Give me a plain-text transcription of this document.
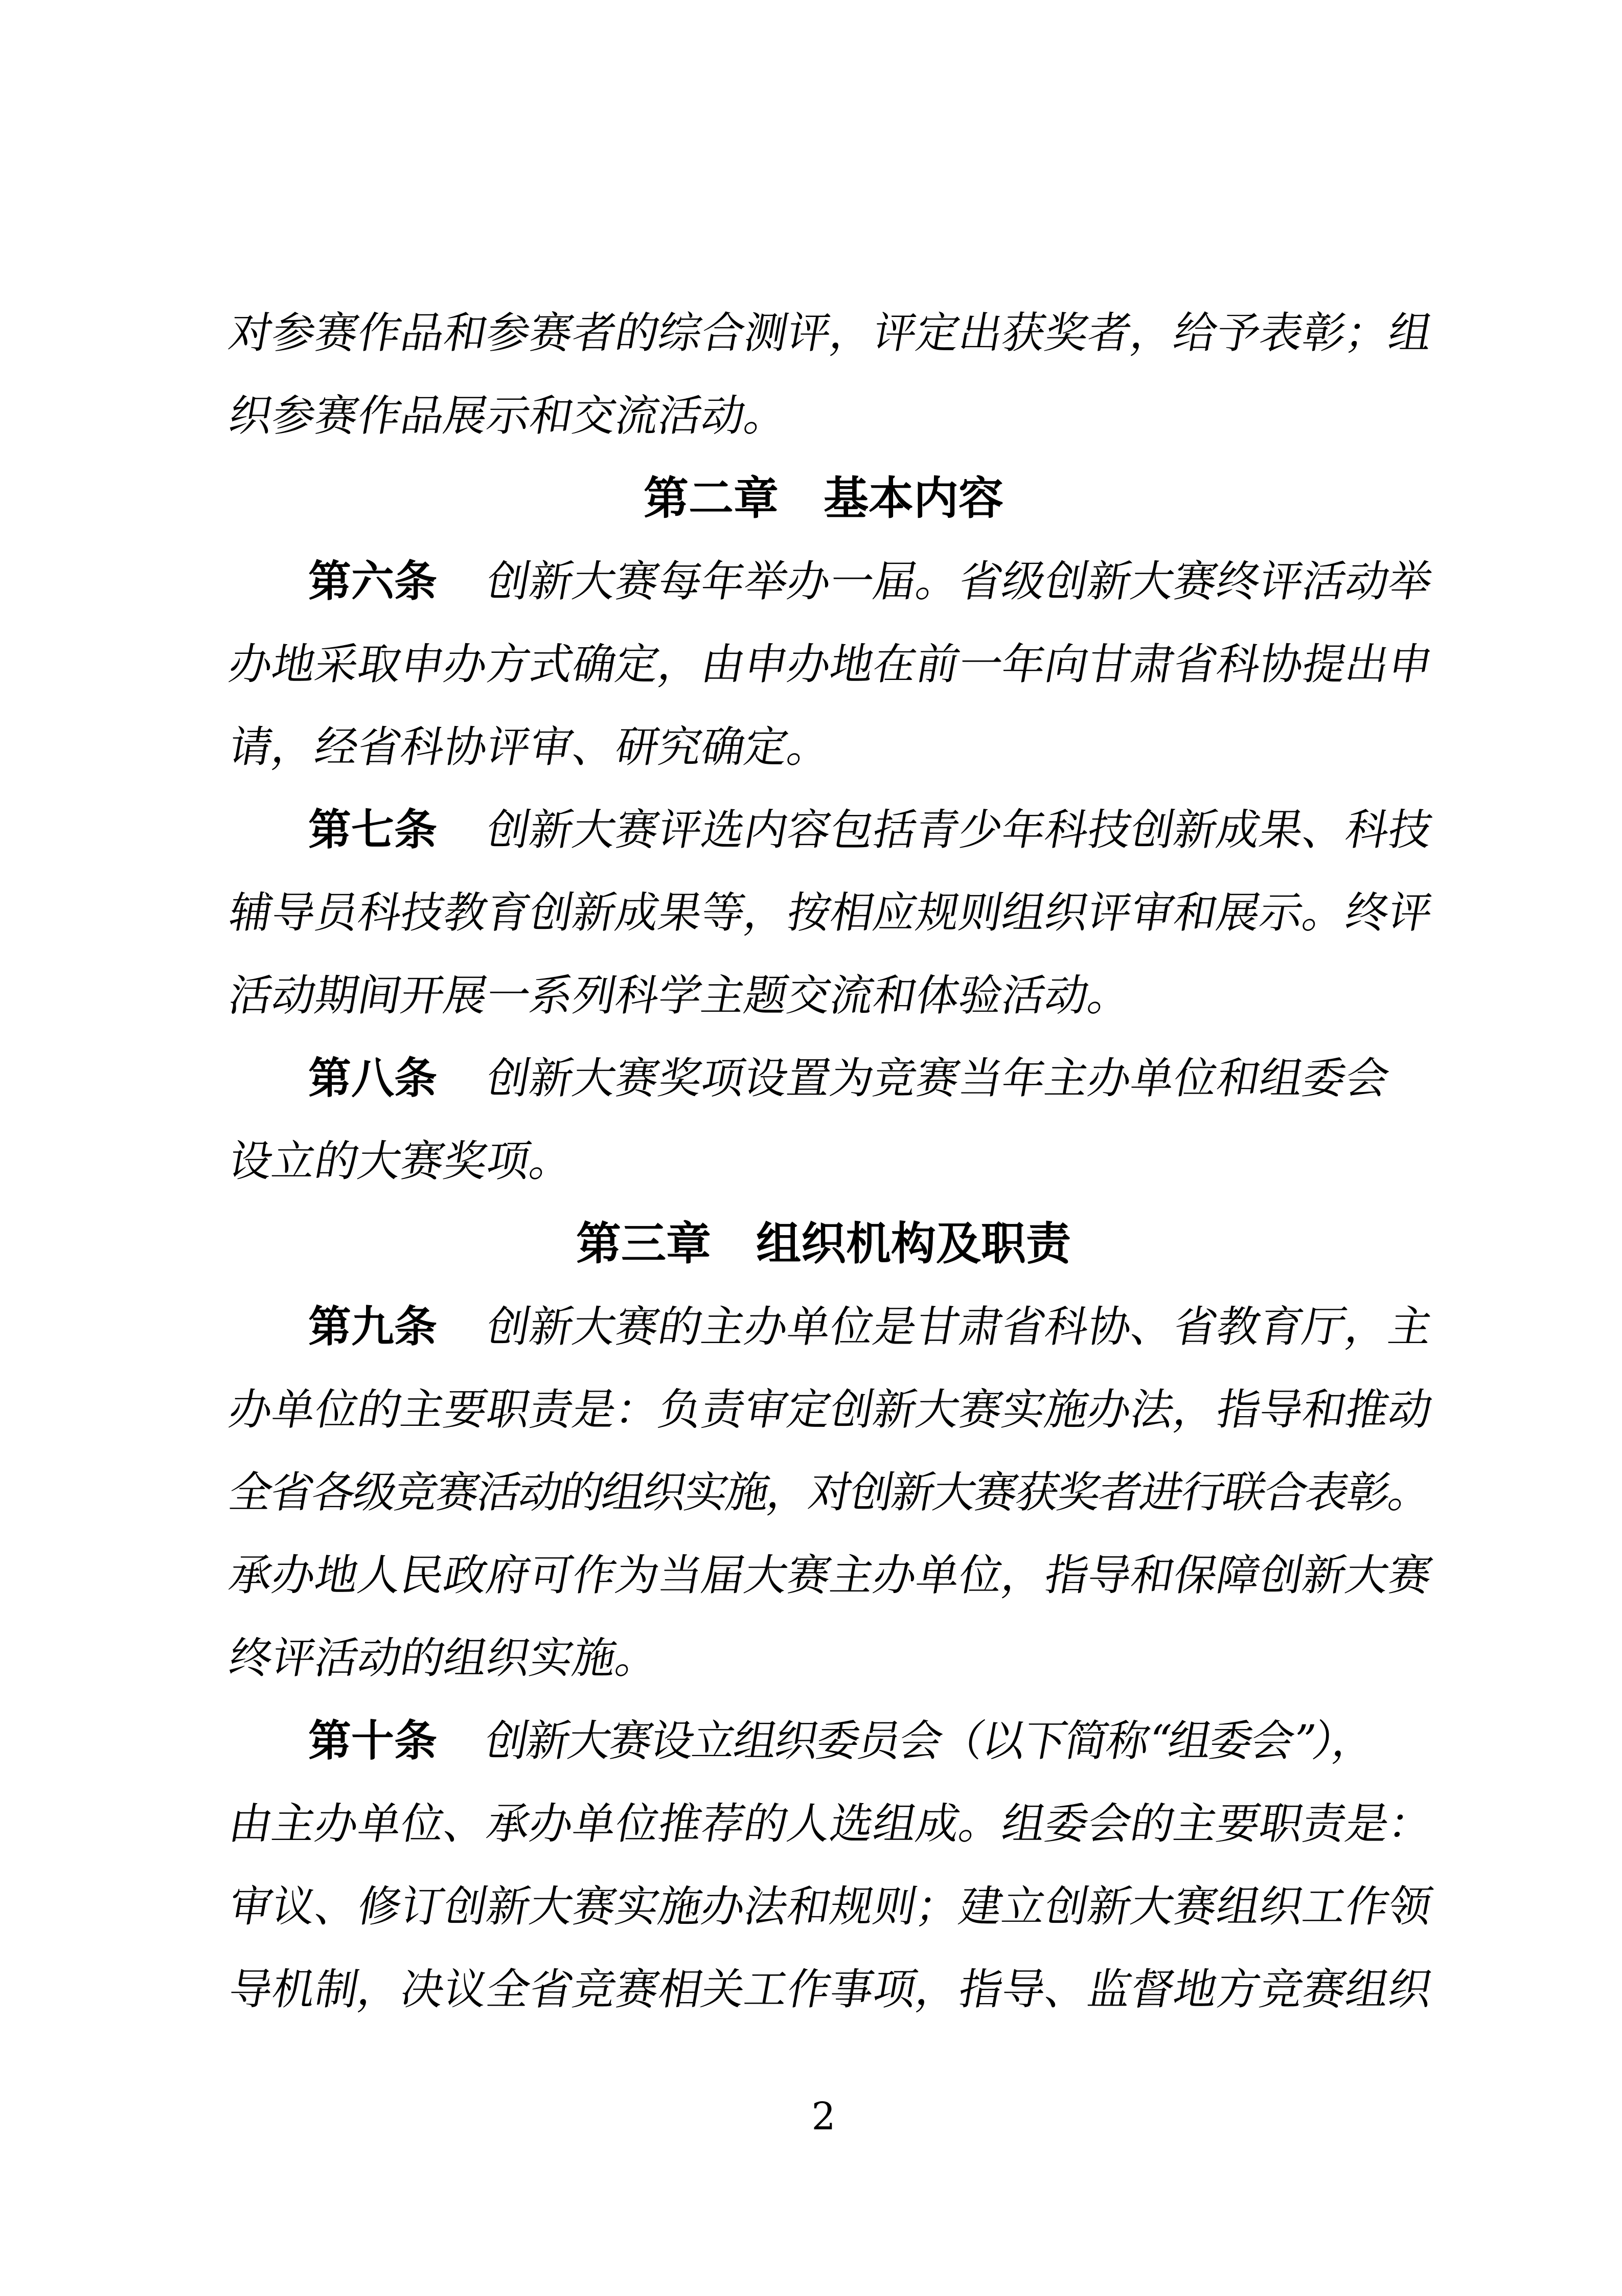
对参赛作品和参赛者的综合测评，评定出获奖者，给予表彰；组
织参赛作品展示和交流活动。
第二章　基本内容
第六条　创新大赛每年举办一届。省级创新大赛终评活动举
办地采取申办方式确定，由申办地在前一年向甘肃省科协提出申
请，经省科协评审、研究确定。
第七条　创新大赛评选内容包括青少年科技创新成果、科技
辅导员科技教育创新成果等，按相应规则组织评审和展示。终评
活动期间开展一系列科学主题交流和体验活动。
第八条　创新大赛奖项设置为竞赛当年主办单位和组委会
设立的大赛奖项。
第三章　组织机构及职责
第九条　创新大赛的主办单位是甘肃省科协、省教育厅，主
办单位的主要职责是：负责审定创新大赛实施办法，指导和推动
全省各级竞赛活动的组织实施，对创新大赛获奖者进行联合表彰。
承办地人民政府可作为当届大赛主办单位，指导和保障创新大赛
终评活动的组织实施。
第十条　创新大赛设立组织委员会（以下简称“组委会”），
由主办单位、承办单位推荐的人选组成。组委会的主要职责是：
审议、修订创新大赛实施办法和规则；建立创新大赛组织工作领
导机制，决议全省竞赛相关工作事项，指导、监督地方竞赛组织
2
